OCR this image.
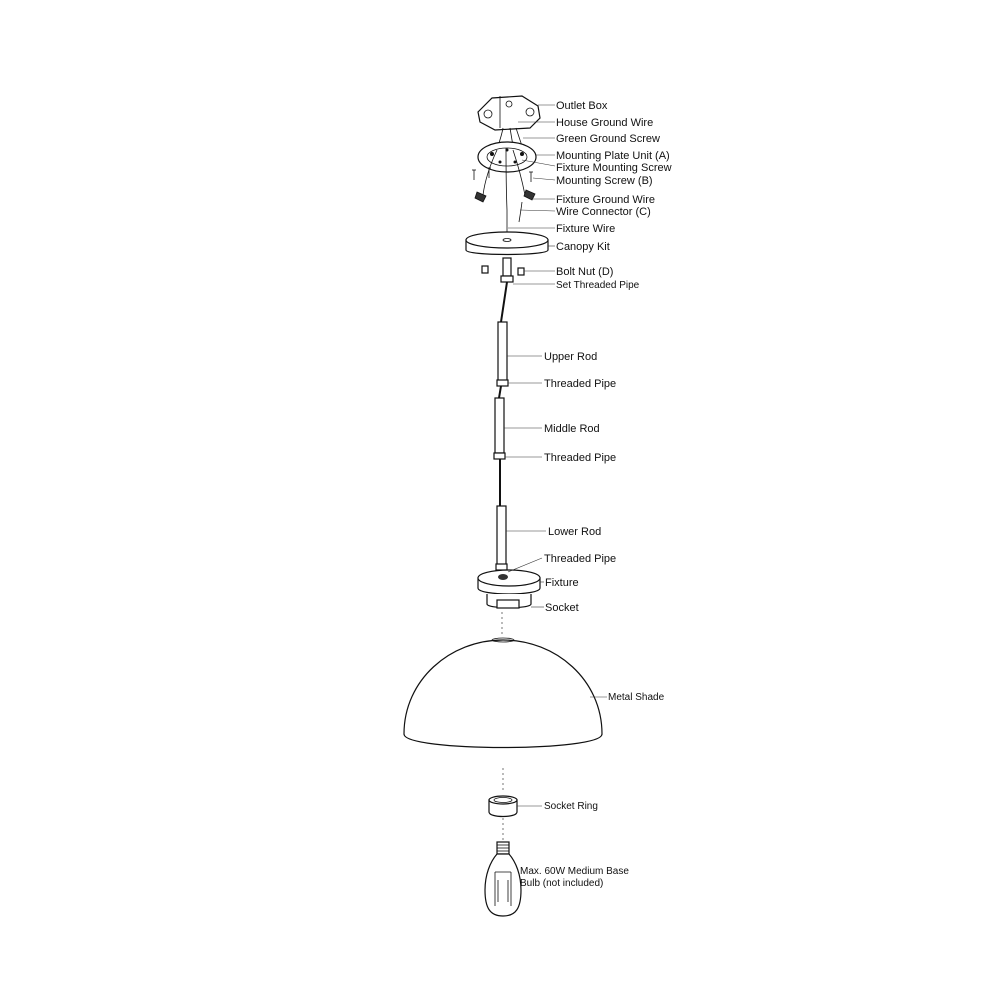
Outlet Box
House Ground Wire
Green Ground Screw
Mounting Plate Unit (A)
Fixture Mounting Screw
Mounting Screw (B)
Fixture Ground Wire
Wire Connector (C)
Fixture Wire
Canopy Kit
Bolt Nut (D)
Set Threaded Pipe
Upper Rod
Threaded Pipe
Middle Rod
Threaded Pipe
Lower Rod
Threaded Pipe
Fixture
Socket
Metal Shade
Socket Ring
Max. 60W Medium Base
Bulb (not included)
